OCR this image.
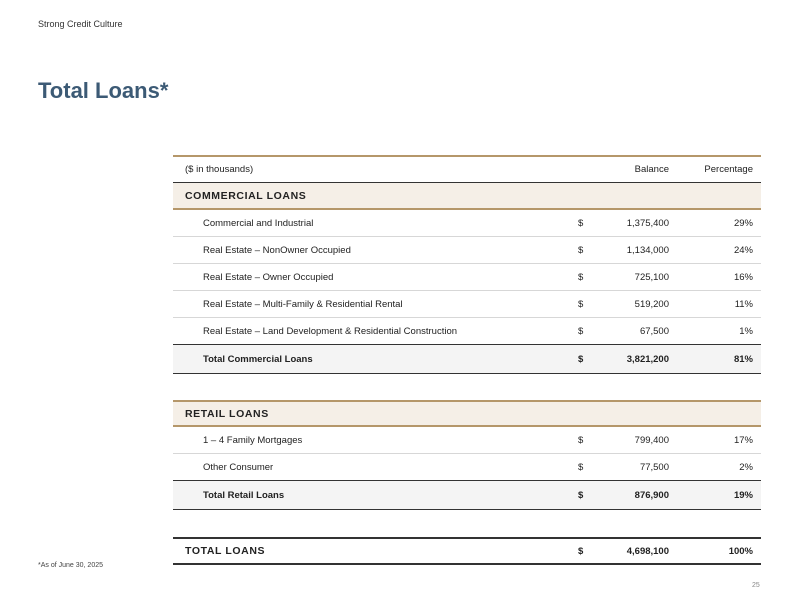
Strong Credit Culture
Total Loans*
($ in thousands)	Balance	Percentage
COMMERCIAL LOANS
Commercial and Industrial	$	1,375,400	29%
Real Estate – NonOwner Occupied	$	1,134,000	24%
Real Estate – Owner Occupied	$	725,100	16%
Real Estate – Multi-Family & Residential Rental	$	519,200	11%
Real Estate – Land Development & Residential Construction	$	67,500	1%
Total Commercial Loans	$	3,821,200	81%
RETAIL LOANS
1 – 4 Family Mortgages	$	799,400	17%
Other Consumer	$	77,500	2%
Total Retail Loans	$	876,900	19%
TOTAL LOANS	$	4,698,100	100%
*As of June 30, 2025
25
